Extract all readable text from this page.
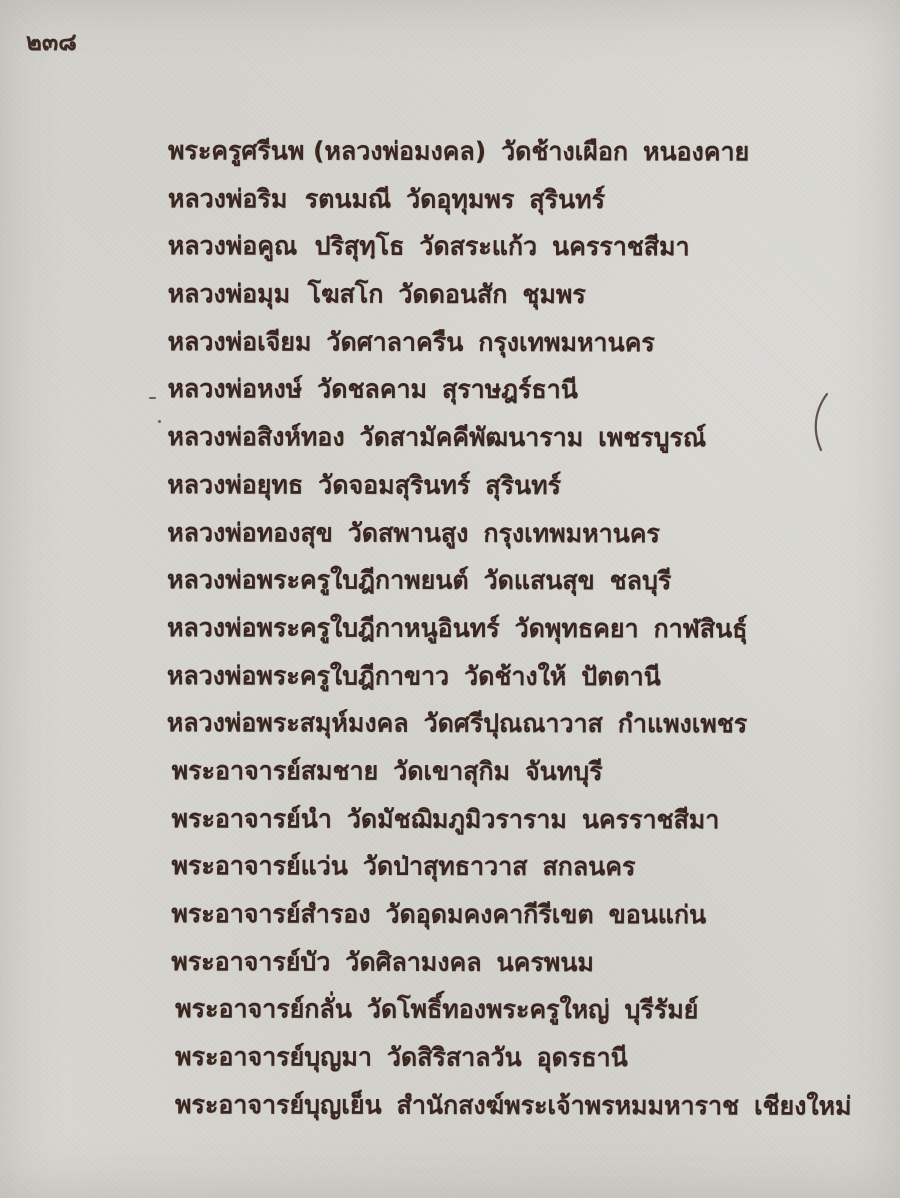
๒๓๘
พระครูศรีนพ (หลวงพ่อมงคล) วัดช้างเผือก หนองคาย
หลวงพ่อริม  รตนมณี วัดอุทุมพร สุรินทร์
หลวงพ่อคูณ  ปริสุทฺโธ วัดสระแก้ว นครราชสีมา
หลวงพ่อมุม  โฆสโก วัดดอนสัก ชุมพร
หลวงพ่อเจียม วัดศาลาครืน กรุงเทพมหานคร
หลวงพ่อหงษ์ วัดชลคาม สุราษฎร์ธานี
หลวงพ่อสิงห์ทอง วัดสามัคคีพัฒนาราม เพชรบูรณ์
หลวงพ่อยุทธ วัดจอมสุรินทร์ สุรินทร์
หลวงพ่อทองสุข วัดสพานสูง กรุงเทพมหานคร
หลวงพ่อพระครูใบฎีกาพยนต์ วัดแสนสุข ชลบุรี
หลวงพ่อพระครูใบฎีกาหนูอินทร์ วัดพุทธคยา กาฬสินธุ์
หลวงพ่อพระครูใบฎีกาขาว วัดช้างให้ ปัตตานี
หลวงพ่อพระสมุห์มงคล วัดศรีปุณณาวาส กำแพงเพชร
พระอาจารย์สมชาย วัดเขาสุกิม จันทบุรี
พระอาจารย์นำ วัดมัชฌิมภูมิวราราม นครราชสีมา
พระอาจารย์แว่น วัดป่าสุทธาวาส สกลนคร
พระอาจารย์สำรอง วัดอุดมคงคากีรีเขต ขอนแก่น
พระอาจารย์บัว วัดศิลามงคล นครพนม
พระอาจารย์กลั่น วัดโพธิ์ทองพระครูใหญ่ บุรีรัมย์
พระอาจารย์บุญมา วัดสิริสาลวัน อุดรธานี
พระอาจารย์บุญเย็น สำนักสงฆ์พระเจ้าพรหมมหาราช เชียงใหม่
